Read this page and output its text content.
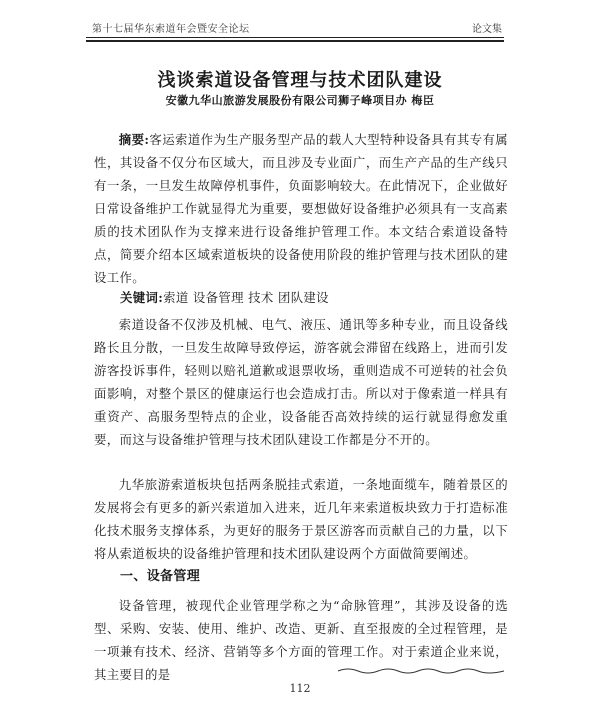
第十七届华东索道年会暨安全论坛	论文集
浅谈索道设备管理与技术团队建设
安徽九华山旅游发展股份有限公司狮子峰项目办 梅臣

摘要:客运索道作为生产服务型产品的载人大型特种设备具有其专有属性，其设备不仅分布区域大，而且涉及专业面广，而生产产品的生产线只有一条，一旦发生故障停机事件，负面影响较大。在此情况下，企业做好日常设备维护工作就显得尤为重要，要想做好设备维护必须具有一支高素质的技术团队作为支撑来进行设备维护管理工作。本文结合索道设备特点，简要介绍本区域索道板块的设备使用阶段的维护管理与技术团队的建设工作。

关键词:索道 设备管理 技术 团队建设

索道设备不仅涉及机械、电气、液压、通讯等多种专业，而且设备线路长且分散，一旦发生故障导致停运，游客就会滞留在线路上，进而引发游客投诉事件，轻则以赔礼道歉或退票收场，重则造成不可逆转的社会负面影响，对整个景区的健康运行也会造成打击。所以对于像索道一样具有重资产、高服务型特点的企业，设备能否高效持续的运行就显得愈发重要，而这与设备维护管理与技术团队建设工作都是分不开的。

九华旅游索道板块包括两条脱挂式索道，一条地面缆车，随着景区的发展将会有更多的新兴索道加入进来，近几年来索道板块致力于打造标准化技术服务支撑体系，为更好的服务于景区游客而贡献自己的力量，以下将从索道板块的设备维护管理和技术团队建设两个方面做简要阐述。

一、设备管理

设备管理，被现代企业管理学称之为“命脉管理”，其涉及设备的选型、采购、安装、使用、维护、改造、更新、直至报废的全过程管理，是一项兼有技术、经济、营销等多个方面的管理工作。对于索道企业来说，其主要目的是

112
